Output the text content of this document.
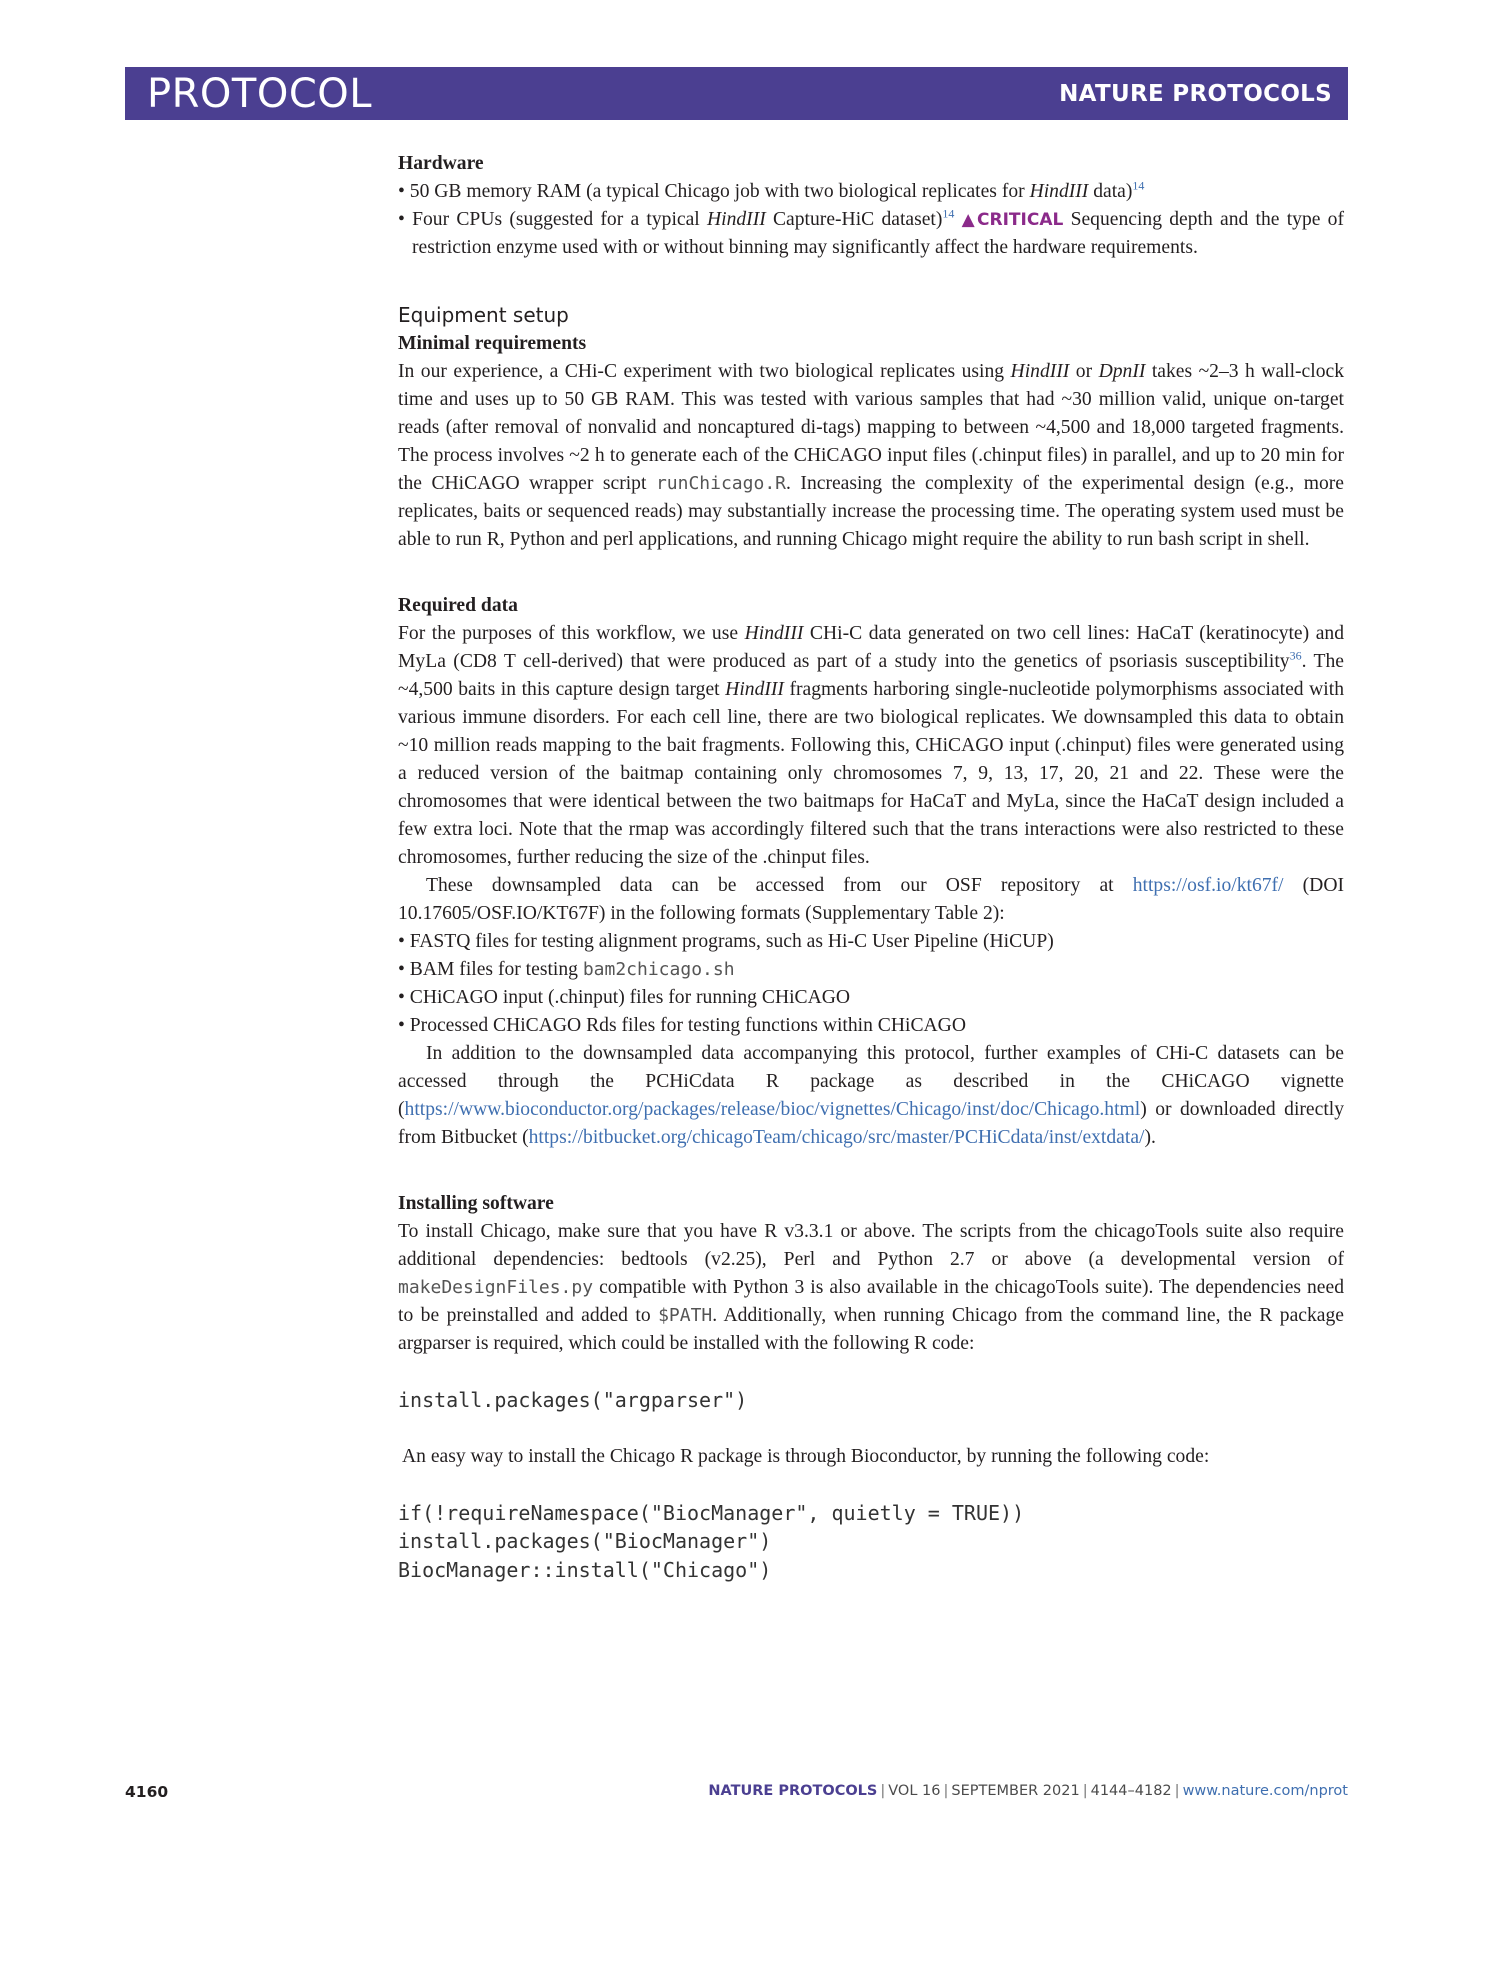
PROTOCOL	NATURE PROTOCOLS

Hardware

• 50 GB memory RAM (a typical Chicago job with two biological replicates for HindIII data)$^{14}$

• Four CPUs (suggested for a typical HindIII Capture-HiC dataset)$^{14}$ ▲CRITICAL Sequencing depth and the type of restriction enzyme used with or without binning may significantly affect the hardware requirements.

Equipment setup

Minimal requirements

In our experience, a CHi-C experiment with two biological replicates using HindIII or DpnII takes ~2–3 h wall-clock time and uses up to 50 GB RAM. This was tested with various samples that had ~30 million valid, unique on-target reads (after removal of nonvalid and noncaptured di-tags) mapping to between ~4,500 and 18,000 targeted fragments. The process involves ~2 h to generate each of the CHiCAGO input files (.chinput files) in parallel, and up to 20 min for the CHiCAGO wrapper script runChicago.R. Increasing the complexity of the experimental design (e.g., more replicates, baits or sequenced reads) may substantially increase the processing time. The operating system used must be able to run R, Python and perl applications, and running Chicago might require the ability to run bash script in shell.

Required data

For the purposes of this workflow, we use HindIII CHi-C data generated on two cell lines: HaCaT (keratinocyte) and MyLa (CD8 T cell-derived) that were produced as part of a study into the genetics of psoriasis susceptibility$^{36}$. The ~4,500 baits in this capture design target HindIII fragments harboring single-nucleotide polymorphisms associated with various immune disorders. For each cell line, there are two biological replicates. We downsampled this data to obtain ~10 million reads mapping to the bait fragments. Following this, CHiCAGO input (.chinput) files were generated using a reduced version of the baitmap containing only chromosomes 7, 9, 13, 17, 20, 21 and 22. These were the chromosomes that were identical between the two baitmaps for HaCaT and MyLa, since the HaCaT design included a few extra loci. Note that the rmap was accordingly filtered such that the trans interactions were also restricted to these chromosomes, further reducing the size of the .chinput files.

These downsampled data can be accessed from our OSF repository at https://osf.io/kt67f/ (DOI 10.17605/OSF.IO/KT67F) in the following formats (Supplementary Table 2):

• FASTQ files for testing alignment programs, such as Hi-C User Pipeline (HiCUP)

• BAM files for testing bam2chicago.sh

• CHiCAGO input (.chinput) files for running CHiCAGO

• Processed CHiCAGO Rds files for testing functions within CHiCAGO

In addition to the downsampled data accompanying this protocol, further examples of CHi-C datasets can be accessed through the PCHiCdata R package as described in the CHiCAGO vignette (https://www.bioconductor.org/packages/release/bioc/vignettes/Chicago/inst/doc/Chicago.html) or downloaded directly from Bitbucket (https://bitbucket.org/chicagoTeam/chicago/src/master/PCHiCdata/inst/extdata/).

Installing software

To install Chicago, make sure that you have R v3.3.1 or above. The scripts from the chicagoTools suite also require additional dependencies: bedtools (v2.25), Perl and Python 2.7 or above (a developmental version of makeDesignFiles.py compatible with Python 3 is also available in the chicagoTools suite). The dependencies need to be preinstalled and added to $PATH. Additionally, when running Chicago from the command line, the R package argparser is required, which could be installed with the following R code:

install.packages("argparser")

An easy way to install the Chicago R package is through Bioconductor, by running the following code:

if(!requireNamespace("BiocManager", quietly = TRUE))

install.packages("BiocManager")

BiocManager::install("Chicago")

4160	NATURE PROTOCOLS | VOL 16 | SEPTEMBER 2021 | 4144–4182 | www.nature.com/nprot
